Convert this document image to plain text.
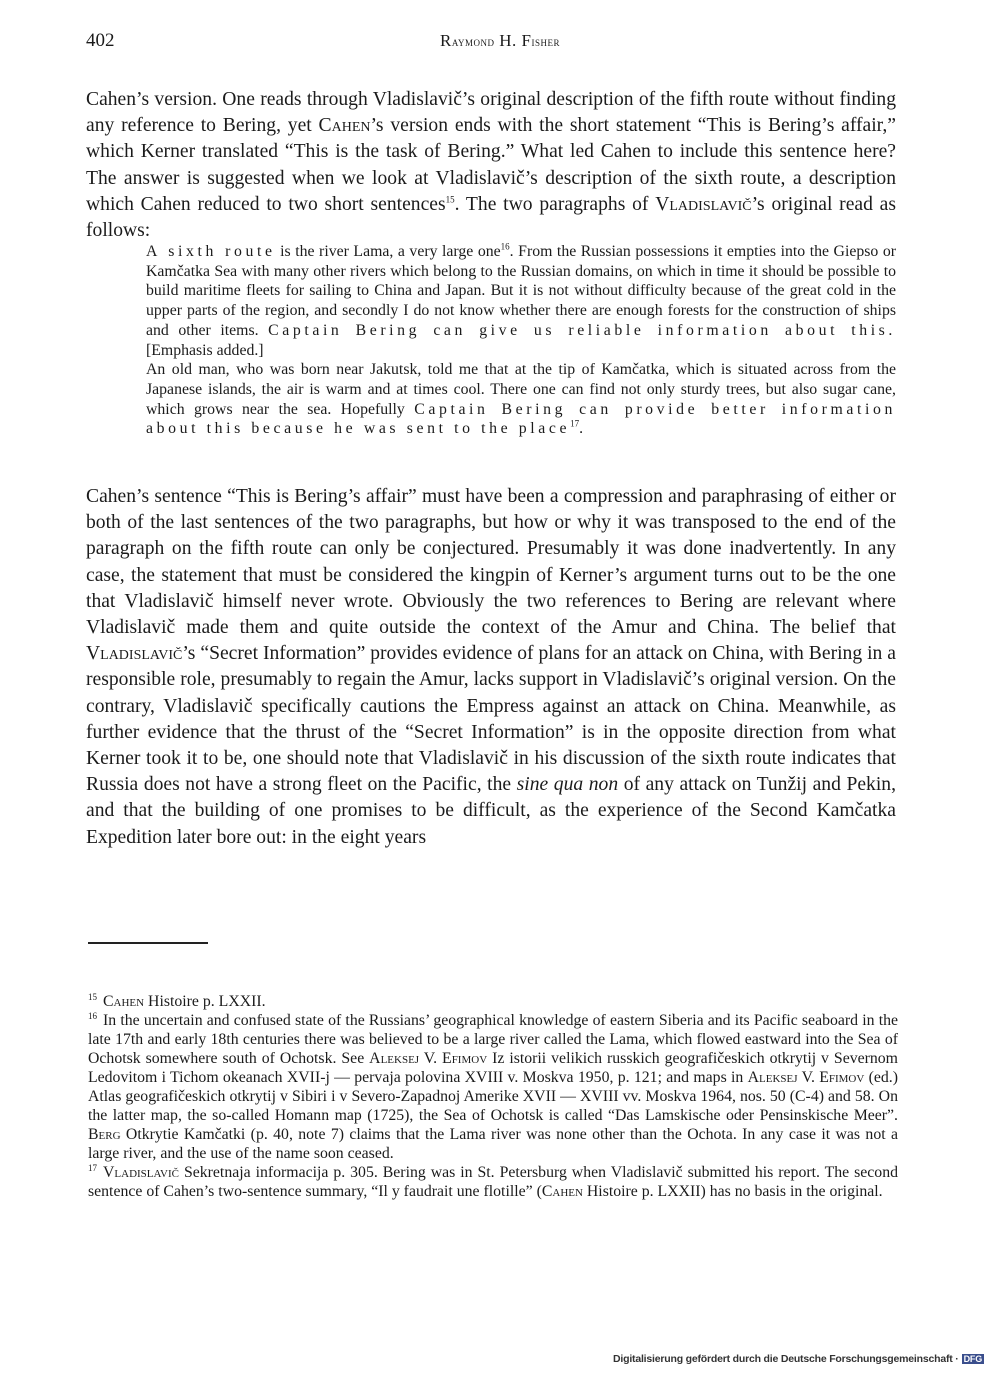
402	Raymond H. Fisher

Cahen’s version. One reads through Vladislavič’s original description of the fifth route without finding any reference to Bering, yet Cahen’s version ends with the short statement “This is Bering’s affair,” which Kerner translated “This is the task of Bering.” What led Cahen to include this sentence here? The answer is suggested when we look at Vladislavič’s description of the sixth route, a description which Cahen reduced to two short sentences$^{15}$. The two paragraphs of Vladislavič’s original read as follows:

A sixth route is the river Lama, a very large one$^{16}$. From the Russian possessions it empties into the Giepso or Kamčatka Sea with many other rivers which belong to the Russian domains, on which in time it should be possible to build maritime fleets for sailing to China and Japan. But it is not without difficulty because of the great cold in the upper parts of the region, and secondly I do not know whether there are enough forests for the construction of ships and other items. Captain Bering can give us reliable information about this. [Emphasis added.]

An old man, who was born near Jakutsk, told me that at the tip of Kamčatka, which is situated across from the Japanese islands, the air is warm and at times cool. There one can find not only sturdy trees, but also sugar cane, which grows near the sea. Hopefully Captain Bering can provide better information about this because he was sent to the place$^{17}$.

Cahen’s sentence “This is Bering’s affair” must have been a compression and paraphrasing of either or both of the last sentences of the two paragraphs, but how or why it was transposed to the end of the paragraph on the fifth route can only be conjectured. Presumably it was done inadvertently. In any case, the statement that must be considered the kingpin of Kerner’s argument turns out to be the one that Vladislavič himself never wrote. Obviously the two references to Bering are relevant where Vladislavič made them and quite outside the context of the Amur and China. The belief that Vladislavič’s “Secret Information” provides evidence of plans for an attack on China, with Bering in a responsible role, presumably to regain the Amur, lacks support in Vladislavič’s original version. On the contrary, Vladislavič specifically cautions the Empress against an attack on China. Meanwhile, as further evidence that the thrust of the “Secret Information” is in the opposite direction from what Kerner took it to be, one should note that Vladislavič in his discussion of the sixth route indicates that Russia does not have a strong fleet on the Pacific, the sine qua non of any attack on Tunžij and Pekin, and that the building of one promises to be difficult, as the experience of the Second Kamčatka Expedition later bore out: in the eight years

$^{15}$ Cahen Histoire p. LXXII.

$^{16}$ In the uncertain and confused state of the Russians’ geographical knowledge of eastern Siberia and its Pacific seaboard in the late 17th and early 18th centuries there was believed to be a large river called the Lama, which flowed eastward into the Sea of Ochotsk somewhere south of Ochotsk. See Aleksej V. Efimov Iz istorii velikich russkich geografičeskich otkrytij v Severnom Ledovitom i Tichom okeanach XVII-j — pervaja polovina XVIII v. Moskva 1950, p. 121; and maps in Aleksej V. Efimov (ed.) Atlas geografičeskich otkrytij v Sibiri i v Severo-Zapadnoj Amerike XVII — XVIII vv. Moskva 1964, nos. 50 (C-4) and 58. On the latter map, the so-called Homann map (1725), the Sea of Ochotsk is called “Das Lamskische oder Pensinskische Meer”. Berg Otkrytie Kamčatki (p. 40, note 7) claims that the Lama river was none other than the Ochota. In any case it was not a large river, and the use of the name soon ceased.

$^{17}$ Vladislavič Sekretnaja informacija p. 305. Bering was in St. Petersburg when Vladislavič submitted his report. The second sentence of Cahen’s two-sentence summary, “Il y faudrait une flotille” (Cahen Histoire p. LXXII) has no basis in the original.

Digitalisierung gefördert durch die Deutsche Forschungsgemeinschaft · DFG
